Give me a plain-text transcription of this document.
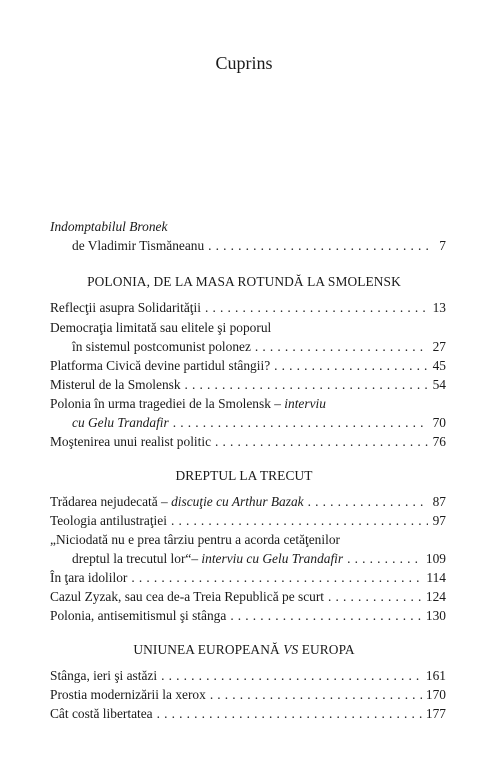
Cuprins
Indomptabilul Bronek
de Vladimir Tismăneanu . . .	7
POLONIA, DE LA MASA ROTUNDĂ LA SMOLENSK
Reflecţii asupra Solidarităţii . . .	13
Democraţia limitată sau elitele şi poporul
în sistemul postcomunist polonez . . .	27
Platforma Civică devine partidul stângii? . . .	45
Misterul de la Smolensk . . .	54
Polonia în urma tragediei de la Smolensk – interviu
cu Gelu Trandafir . . .	70
Moştenirea unui realist politic . . .	76
DREPTUL LA TRECUT
Trădarea nejudecată – discuţie cu Arthur Bazak . . .	87
Teologia antilustraţiei . . .	97
„Niciodată nu e prea târziu pentru a acorda cetăţenilor
dreptul la trecutul lor“– interviu cu Gelu Trandafir . . .	109
În ţara idolilor . . .	114
Cazul Zyzak, sau cea de-a Treia Republică pe scurt . . .	124
Polonia, antisemitismul şi stânga . . .	130
UNIUNEA EUROPEANĂ VS EUROPA
Stânga, ieri şi astăzi . . .	161
Prostia modernizării la xerox . . .	170
Cât costă libertatea . . .	177
